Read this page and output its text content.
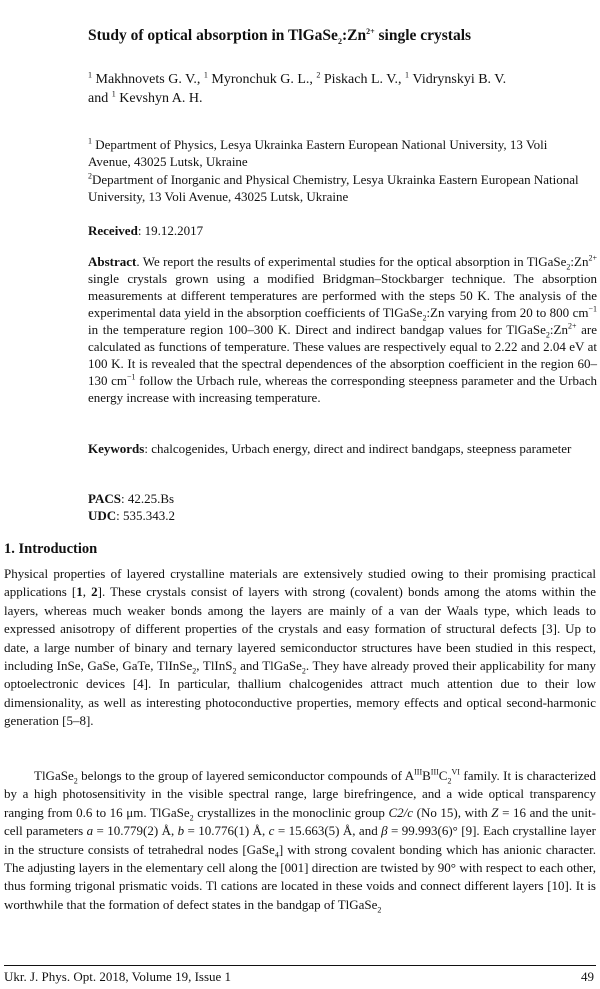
Study of optical absorption in $TlGaSe_2:Zn^{2+}$ single crystals
$^1$ Makhnovets G. V., $^1$ Myronchuk G. L., $^2$ Piskach L. V., $^1$ Vidrynskyi B. V.
and $^1$ Kevshyn A. H.
$^1$ Department of Physics, Lesya Ukrainka Eastern European National University, 13 Voli Avenue, 43025 Lutsk, Ukraine
$^2$Department of Inorganic and Physical Chemistry, Lesya Ukrainka Eastern European National University, 13 Voli Avenue, 43025 Lutsk, Ukraine
Received: 19.12.2017
Abstract. We report the results of experimental studies for the optical absorption in $TlGaSe_2:Zn^{2+}$ single crystals grown using a modified Bridgman–Stockbarger technique. The absorption measurements at different temperatures are performed with the steps 50 K. The analysis of the experimental data yield in the absorption coefficients of TlGaSe$_2$:Zn varying from 20 to 800 $cm^{-1}$ in the temperature region 100–300 K. Direct and indirect bandgap values for $TlGaSe_2:Zn^{2+}$ are calculated as functions of temperature. These values are respectively equal to 2.22 and 2.04 eV at 100 K. It is revealed that the spectral dependences of the absorption coefficient in the region 60–130 $cm^{-1}$ follow the Urbach rule, whereas the corresponding steepness parameter and the Urbach energy increase with increasing temperature.
Keywords: chalcogenides, Urbach energy, direct and indirect bandgaps, steepness parameter
PACS: 42.25.Bs
UDC: 535.343.2
1. Introduction

Physical properties of layered crystalline materials are extensively studied owing to their promising practical applications [1, 2]. These crystals consist of layers with strong (covalent) bonds among the atoms within the layers, whereas much weaker bonds among the layers are mainly of a van der Waals type, which leads to expressed anisotropy of different properties of the crystals and easy formation of structural defects [3]. Up to date, a large number of binary and ternary layered semiconductor structures have been studied in this respect, including InSe, GaSe, GaTe, TlInSe$_2$, TlInS$_2$ and TlGaSe$_2$. They have already proved their applicability for many optoelectronic devices [4]. In particular, thallium chalcogenides attract much attention due to their low dimensionality, as well as interesting photoconductive properties, memory effects and optical second-harmonic generation [5–8].

TlGaSe$_2$ belongs to the group of layered semiconductor compounds of $A^{III}B^{III}C_2^{VI}$ family. It is characterized by a high photosensitivity in the visible spectral range, large birefringence, and a wide optical transparency ranging from 0.6 to 16 μm. TlGaSe$_2$ crystallizes in the monoclinic group C2/c (No 15), with Z = 16 and the unit-cell parameters a = 10.779(2) Å, b = 10.776(1) Å, c = 15.663(5) Å, and β = 99.993(6)° [9]. Each crystalline layer in the structure consists of tetrahedral nodes [GaSe$_4$] with strong covalent bonding which has anionic character. The adjusting layers in the elementary cell along the [001] direction are twisted by 90° with respect to each other, thus forming trigonal prismatic voids. Tl cations are located in these voids and connect different layers [10]. It is worthwhile that the formation of defect states in the bandgap of TlGaSe$_2$

Ukr. J. Phys. Opt. 2018, Volume 19, Issue 1	49
